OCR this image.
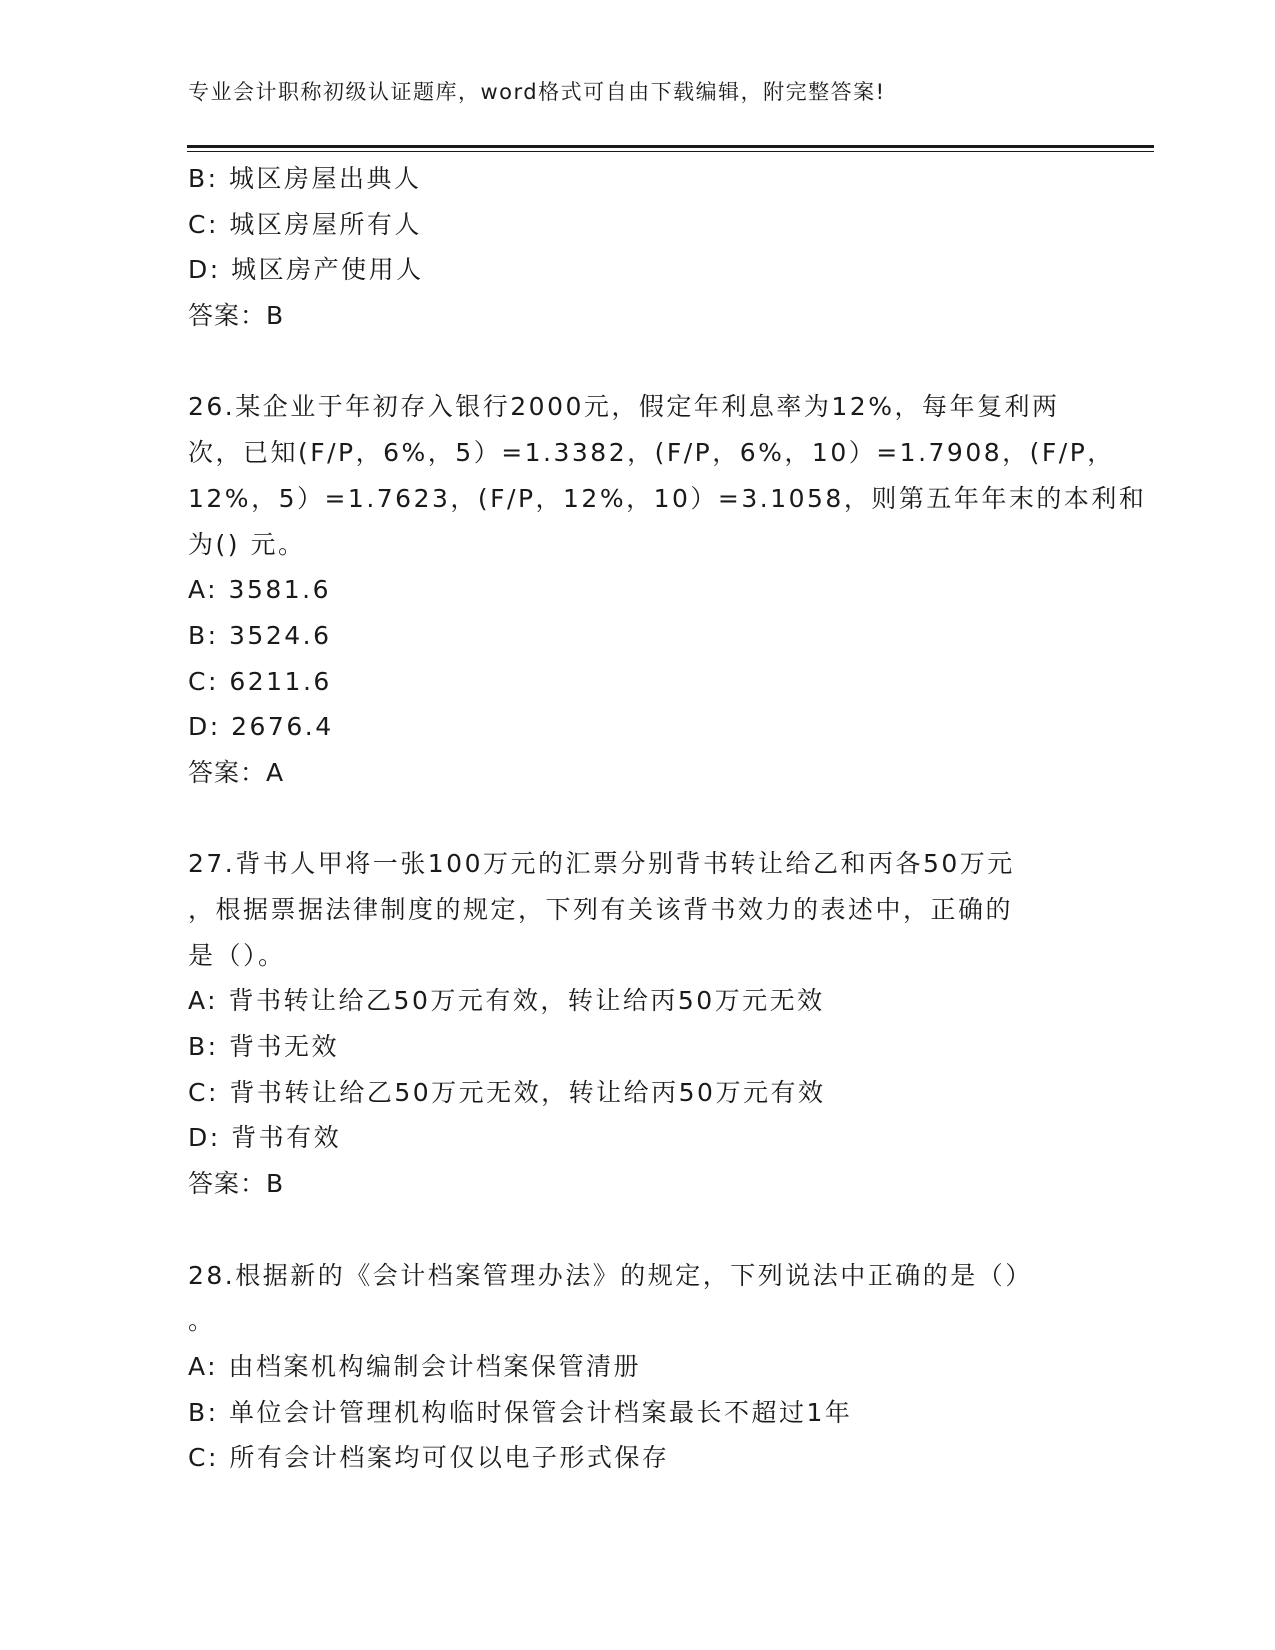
专业会计职称初级认证题库，word格式可自由下载编辑，附完整答案!
B: 城区房屋出典人
C: 城区房屋所有人
D: 城区房产使用人
答案：B
26.某企业于年初存入银行2000元，假定年利息率为12%，每年复利两
次，已知(F/P，6%，5）=1.3382，(F/P，6%，10）=1.7908，(F/P，
12%，5）=1.7623，(F/P，12%，10）=3.1058，则第五年年末的本利和
为() 元。
A: 3581.6
B: 3524.6
C: 6211.6
D: 2676.4
答案：A
27.背书人甲将一张100万元的汇票分别背书转让给乙和丙各50万元
，根据票据法律制度的规定，下列有关该背书效力的表述中，正确的
是（）。
A: 背书转让给乙50万元有效，转让给丙50万元无效
B: 背书无效
C: 背书转让给乙50万元无效，转让给丙50万元有效
D: 背书有效
答案：B
28.根据新的《会计档案管理办法》的规定，下列说法中正确的是（）
。
A: 由档案机构编制会计档案保管清册
B: 单位会计管理机构临时保管会计档案最长不超过1年
C: 所有会计档案均可仅以电子形式保存
